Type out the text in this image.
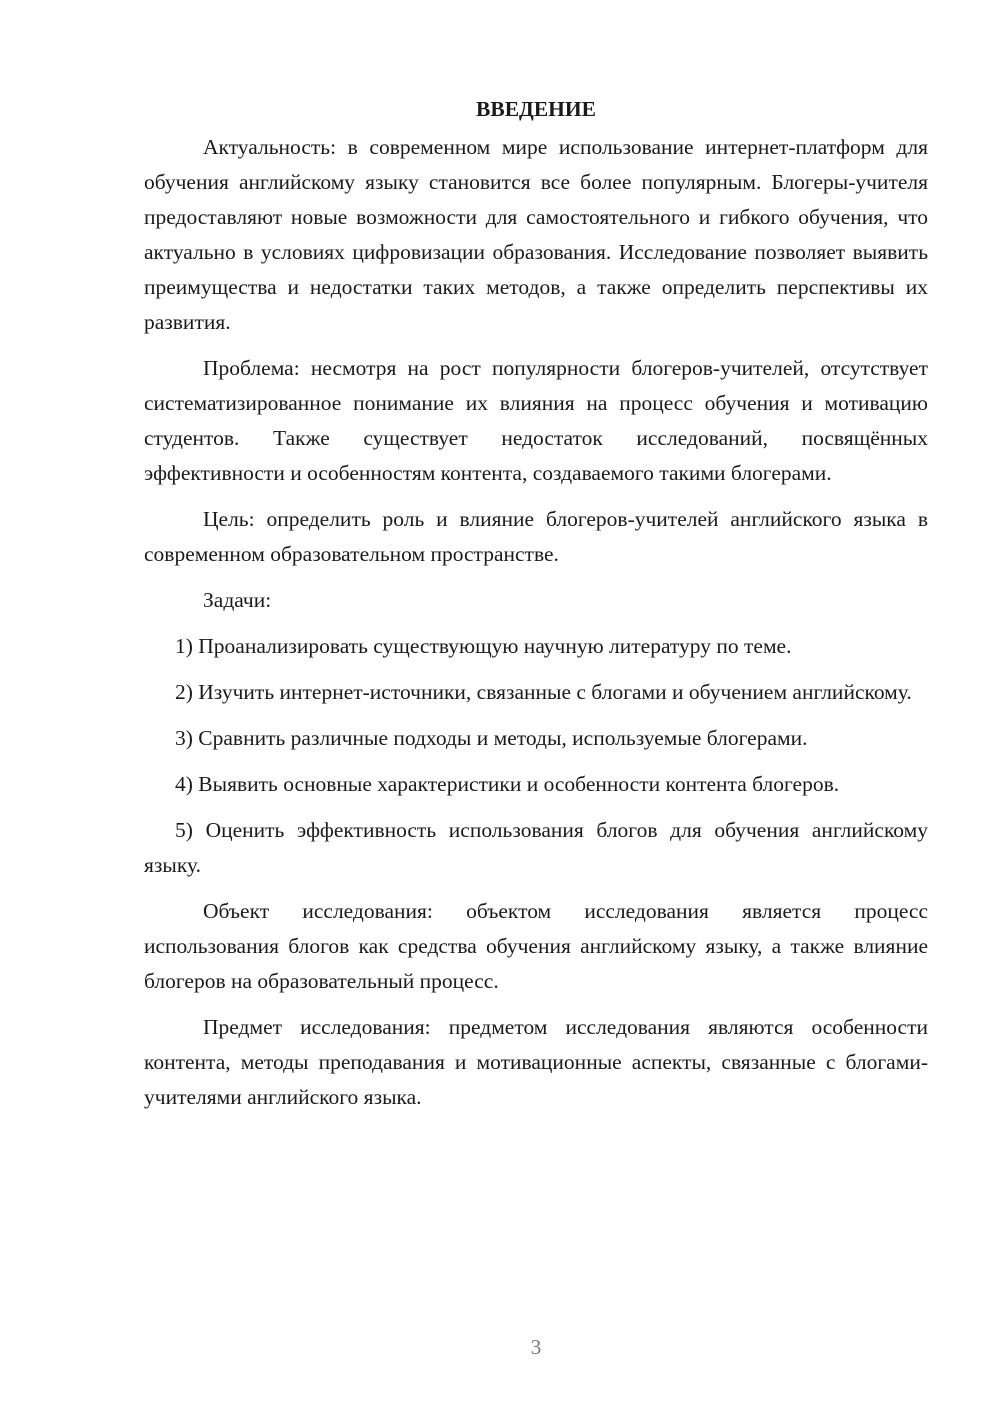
ВВЕДЕНИЕ

Актуальность: в современном мире использование интернет-платформ для обучения английскому языку становится все более популярным. Блогеры-учителя предоставляют новые возможности для самостоятельного и гибкого обучения, что актуально в условиях цифровизации образования. Исследование позволяет выявить преимущества и недостатки таких методов, а также определить перспективы их развития.

Проблема: несмотря на рост популярности блогеров-учителей, отсутствует систематизированное понимание их влияния на процесс обучения и мотивацию студентов. Также существует недостаток исследований, посвящённых эффективности и особенностям контента, создаваемого такими блогерами.

Цель: определить роль и влияние блогеров-учителей английского языка в современном образовательном пространстве.

Задачи:

1) Проанализировать существующую научную литературу по теме.

2) Изучить интернет-источники, связанные с блогами и обучением английскому.

3) Сравнить различные подходы и методы, используемые блогерами.

4) Выявить основные характеристики и особенности контента блогеров.

5) Оценить эффективность использования блогов для обучения английскому языку.

Объект исследования: объектом исследования является процесс использования блогов как средства обучения английскому языку, а также влияние блогеров на образовательный процесс.

Предмет исследования: предметом исследования являются особенности контента, методы преподавания и мотивационные аспекты, связанные с блогами-учителями английского языка.

3
